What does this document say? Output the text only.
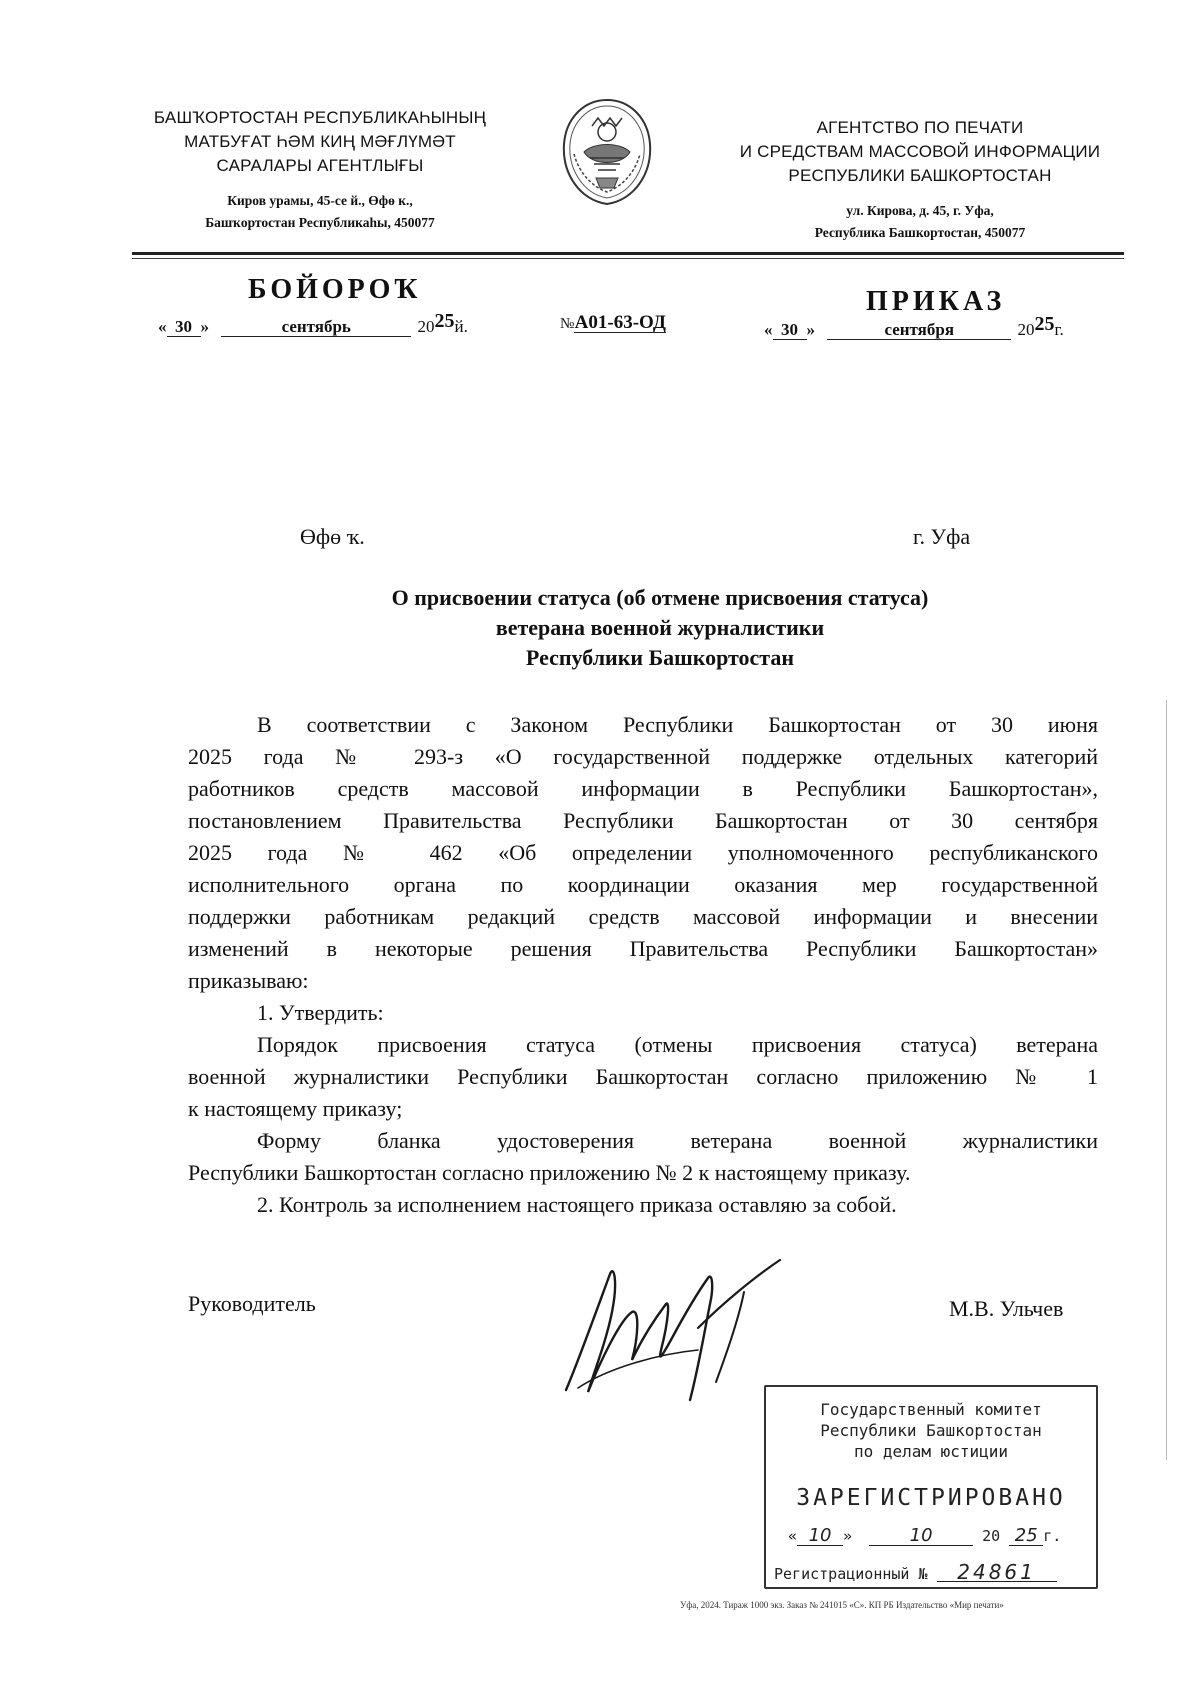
БАШҠОРТОСТАН РЕСПУБЛИКАҺЫНЫҢ
МАТБУҒАТ ҺӘМ КИҢ МӘҒЛҮМӘТ
САРАЛАРЫ АГЕНТЛЫҒЫ
Киров урамы, 45-се й., Өфө к.,
Башҡортостан Республикаһы, 450077
АГЕНТСТВО ПО ПЕЧАТИ
И СРЕДСТВАМ МАССОВОЙ ИНФОРМАЦИИ
РЕСПУБЛИКИ БАШКОРТОСТАН
ул. Кирова, д. 45, г. Уфа,
Республика Башкортостан, 450077
БОЙОРОҠ	ПРИКАЗ
« 30 »	сентябрь	2025й.	№А01-63-ОД	« 30 »	сентября	2025г.
Өфө ҡ.	г. Уфа
О присвоении статуса (об отмене присвоения статуса)
ветерана военной журналистики
Республики Башкортостан

В соответствии с Законом Республики Башкортостан от 30 июня

2025 года № 293-з «О государственной поддержке отдельных категорий

работников средств массовой информации в Республики Башкортостан»,

постановлением Правительства Республики Башкортостан от 30 сентября

2025 года № 462 «Об определении уполномоченного республиканского

исполнительного органа по координации оказания мер государственной

поддержки работникам редакций средств массовой информации и внесении

изменений в некоторые решения Правительства Республики Башкортостан»

приказываю:

1. Утвердить:

Порядок присвоения статуса (отмены присвоения статуса) ветерана

военной журналистики Республики Башкортостан согласно приложению № 1

к настоящему приказу;

Форму бланка удостоверения ветерана военной журналистики

Республики Башкортостан согласно приложению № 2 к настоящему приказу.

2. Контроль за исполнением настоящего приказа оставляю за собой.

Руководитель	М.В. Ульчев
Государственный комитет
Республики Башкортостан
по делам юстиции
ЗАРЕГИСТРИРОВАНО
« 10 »	10	20 25 г.
Регистрационный № 24861
Уфа, 2024. Тираж 1000 экз. Заказ № 241015 «С». КП РБ Издательство «Мир печати»
